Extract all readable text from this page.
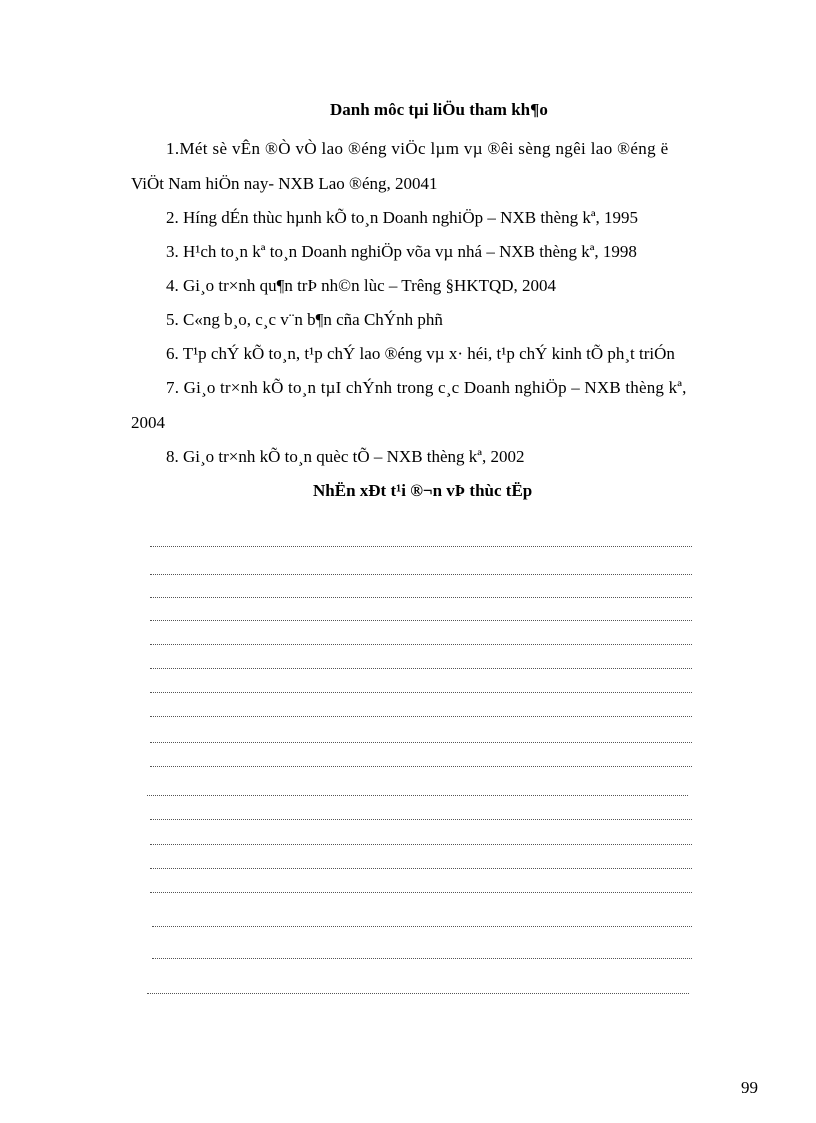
Danh môc tµi liÖu tham kh¶o
1.Mét sè vÊn ®Ò vÒ lao ®éng viÖc lµm vµ ®êi sèng ngêi lao ®éng ë
ViÖt Nam hiÖn nay- NXB Lao ®éng, 20041
2. Híng dÉn thùc hµnh kÕ to¸n Doanh nghiÖp – NXB thèng kª, 1995
3. H¹ch to¸n kª to¸n Doanh nghiÖp võa vµ nhá – NXB thèng kª, 1998
4. Gi¸o tr×nh qu¶n trÞ nh©n lùc – Trêng §HKTQD, 2004
5. C«ng b¸o, c¸c v¨n b¶n cña ChÝnh phñ
6. T¹p chÝ kÕ to¸n, t¹p chÝ lao ®éng vµ x· héi, t¹p chÝ kinh tÕ ph¸t triÓn
7. Gi¸o tr×nh kÕ to¸n tµI chÝnh trong c¸c Doanh nghiÖp – NXB thèng kª,
2004
8. Gi¸o tr×nh kÕ to¸n quèc tÕ – NXB thèng kª, 2002
NhËn xÐt t¹i ®¬n vÞ thùc tËp
99
